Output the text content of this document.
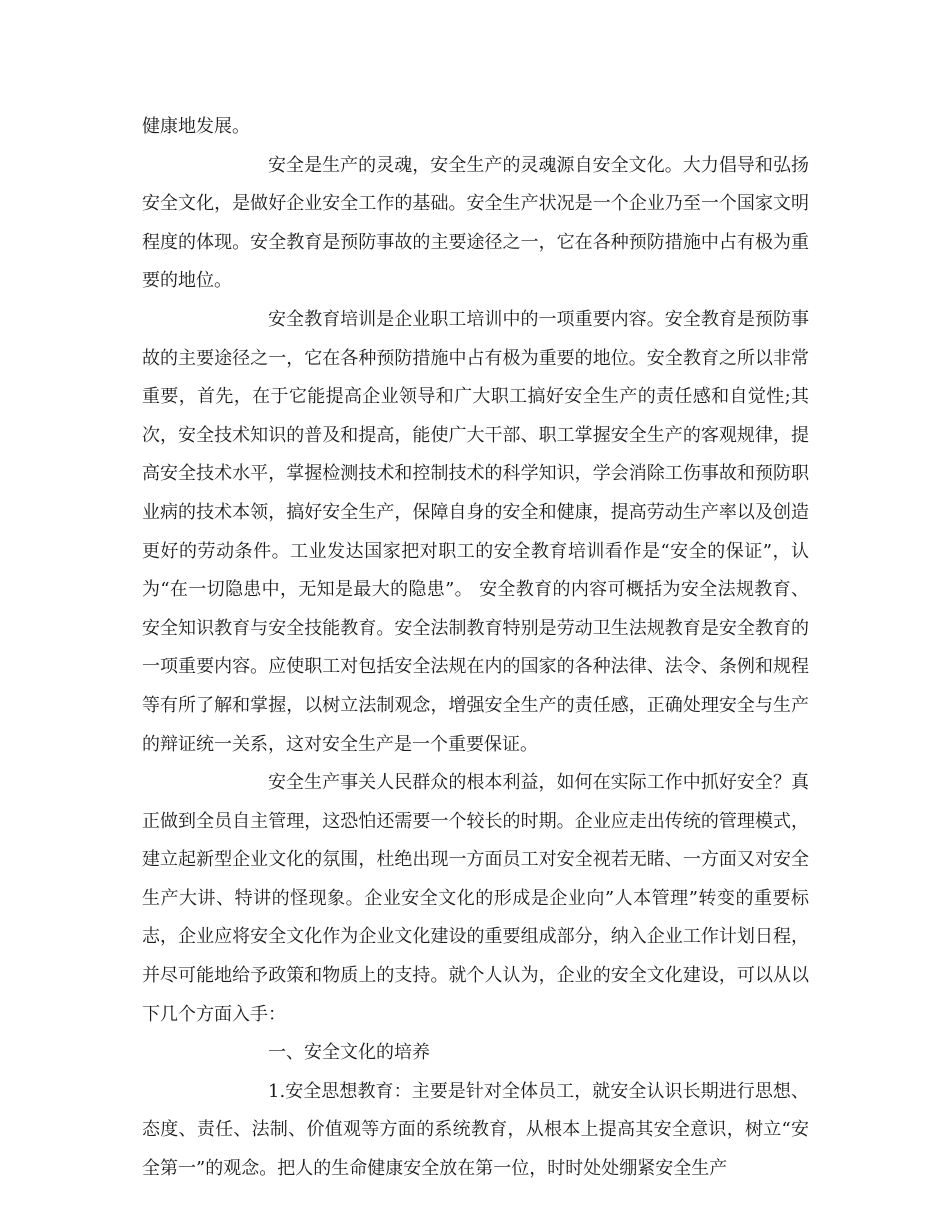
健康地发展。

安全是生产的灵魂，安全生产的灵魂源自安全文化。大力倡导和弘扬安全文化，是做好企业安全工作的基础。安全生产状况是一个企业乃至一个国家文明程度的体现。安全教育是预防事故的主要途径之一，它在各种预防措施中占有极为重要的地位。

安全教育培训是企业职工培训中的一项重要内容。安全教育是预防事故的主要途径之一，它在各种预防措施中占有极为重要的地位。安全教育之所以非常重要，首先，在于它能提高企业领导和广大职工搞好安全生产的责任感和自觉性;其次，安全技术知识的普及和提高，能使广大干部、职工掌握安全生产的客观规律，提高安全技术水平，掌握检测技术和控制技术的科学知识，学会消除工伤事故和预防职业病的技术本领，搞好安全生产，保障自身的安全和健康，提高劳动生产率以及创造更好的劳动条件。工业发达国家把对职工的安全教育培训看作是“安全的保证”，认为“在一切隐患中，无知是最大的隐患”。 安全教育的内容可概括为安全法规教育、安全知识教育与安全技能教育。安全法制教育特别是劳动卫生法规教育是安全教育的一项重要内容。应使职工对包括安全法规在内的国家的各种法律、法令、条例和规程等有所了解和掌握，以树立法制观念，增强安全生产的责任感，正确处理安全与生产的辩证统一关系，这对安全生产是一个重要保证。

安全生产事关人民群众的根本利益，如何在实际工作中抓好安全？真正做到全员自主管理，这恐怕还需要一个较长的时期。企业应走出传统的管理模式，建立起新型企业文化的氛围，杜绝出现一方面员工对安全视若无睹、一方面又对安全生产大讲、特讲的怪现象。企业安全文化的形成是企业向”人本管理”转变的重要标志，企业应将安全文化作为企业文化建设的重要组成部分，纳入企业工作计划日程，并尽可能地给予政策和物质上的支持。就个人认为，企业的安全文化建设，可以从以下几个方面入手：

一、安全文化的培养

1.安全思想教育：主要是针对全体员工，就安全认识长期进行思想、态度、责任、法制、价值观等方面的系统教育，从根本上提高其安全意识，树立“安全第一”的观念。把人的生命健康安全放在第一位，时时处处绷紧安全生产
